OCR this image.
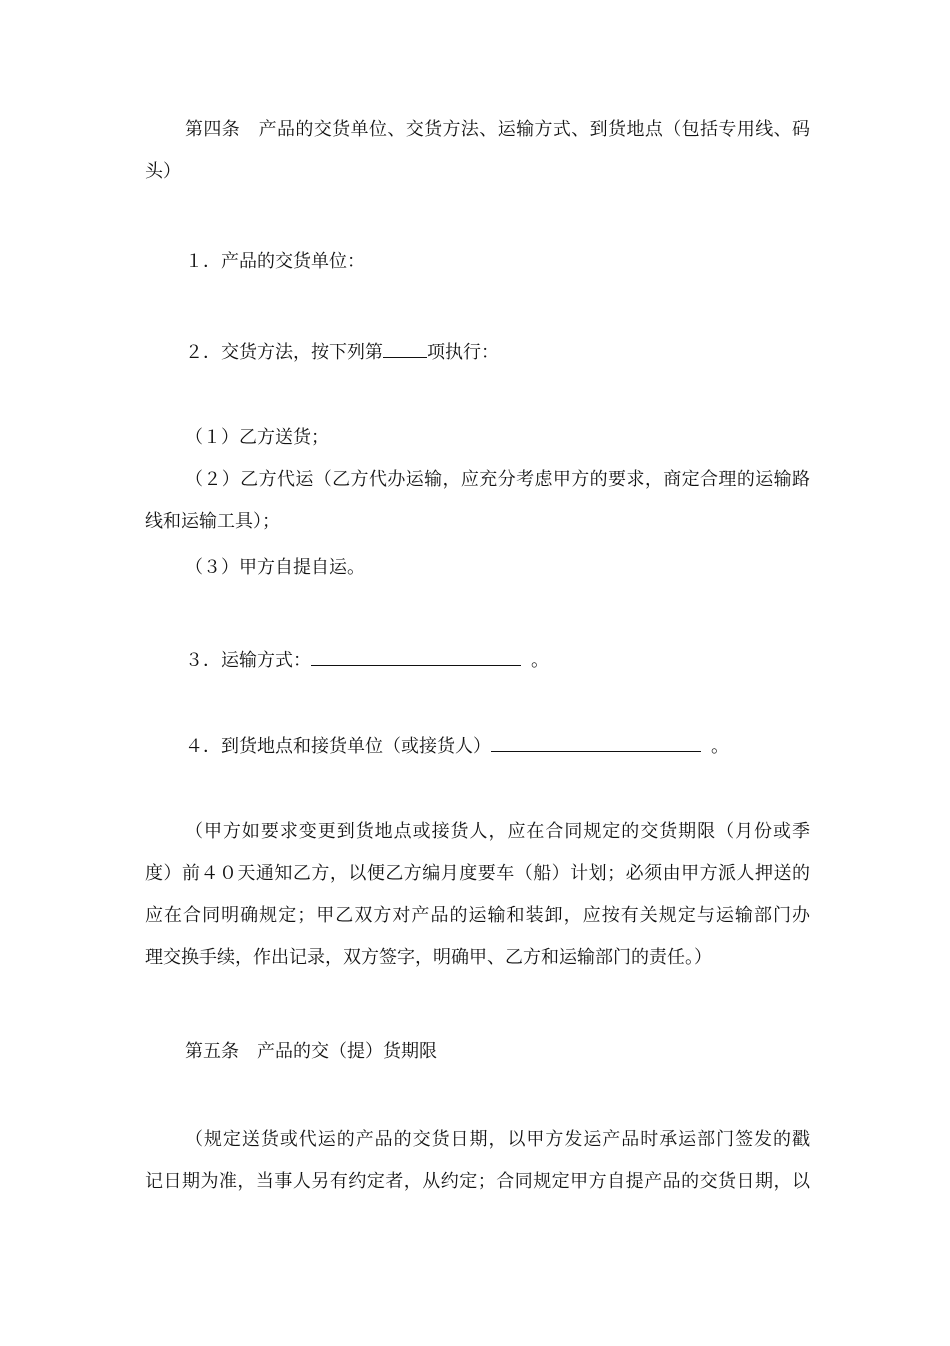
第四条　产品的交货单位、交货方法、运输方式、到货地点（包括专用线、码
头）
１．产品的交货单位：
２．交货方法，按下列第 项执行：
（１）乙方送货；
（２）乙方代运（乙方代办运输，应充分考虑甲方的要求，商定合理的运输路
线和运输工具）；
（３）甲方自提自运。
３．运输方式：	。
４．到货地点和接货单位（或接货人）	。
（甲方如要求变更到货地点或接货人，应在合同规定的交货期限（月份或季
度）前４０天通知乙方，以便乙方编月度要车（船）计划；必须由甲方派人押送的
应在合同明确规定；甲乙双方对产品的运输和装卸，应按有关规定与运输部门办
理交换手续，作出记录，双方签字，明确甲、乙方和运输部门的责任。）
第五条　产品的交（提）货期限
（规定送货或代运的产品的交货日期，以甲方发运产品时承运部门签发的戳
记日期为准，当事人另有约定者，从约定；合同规定甲方自提产品的交货日期，以
